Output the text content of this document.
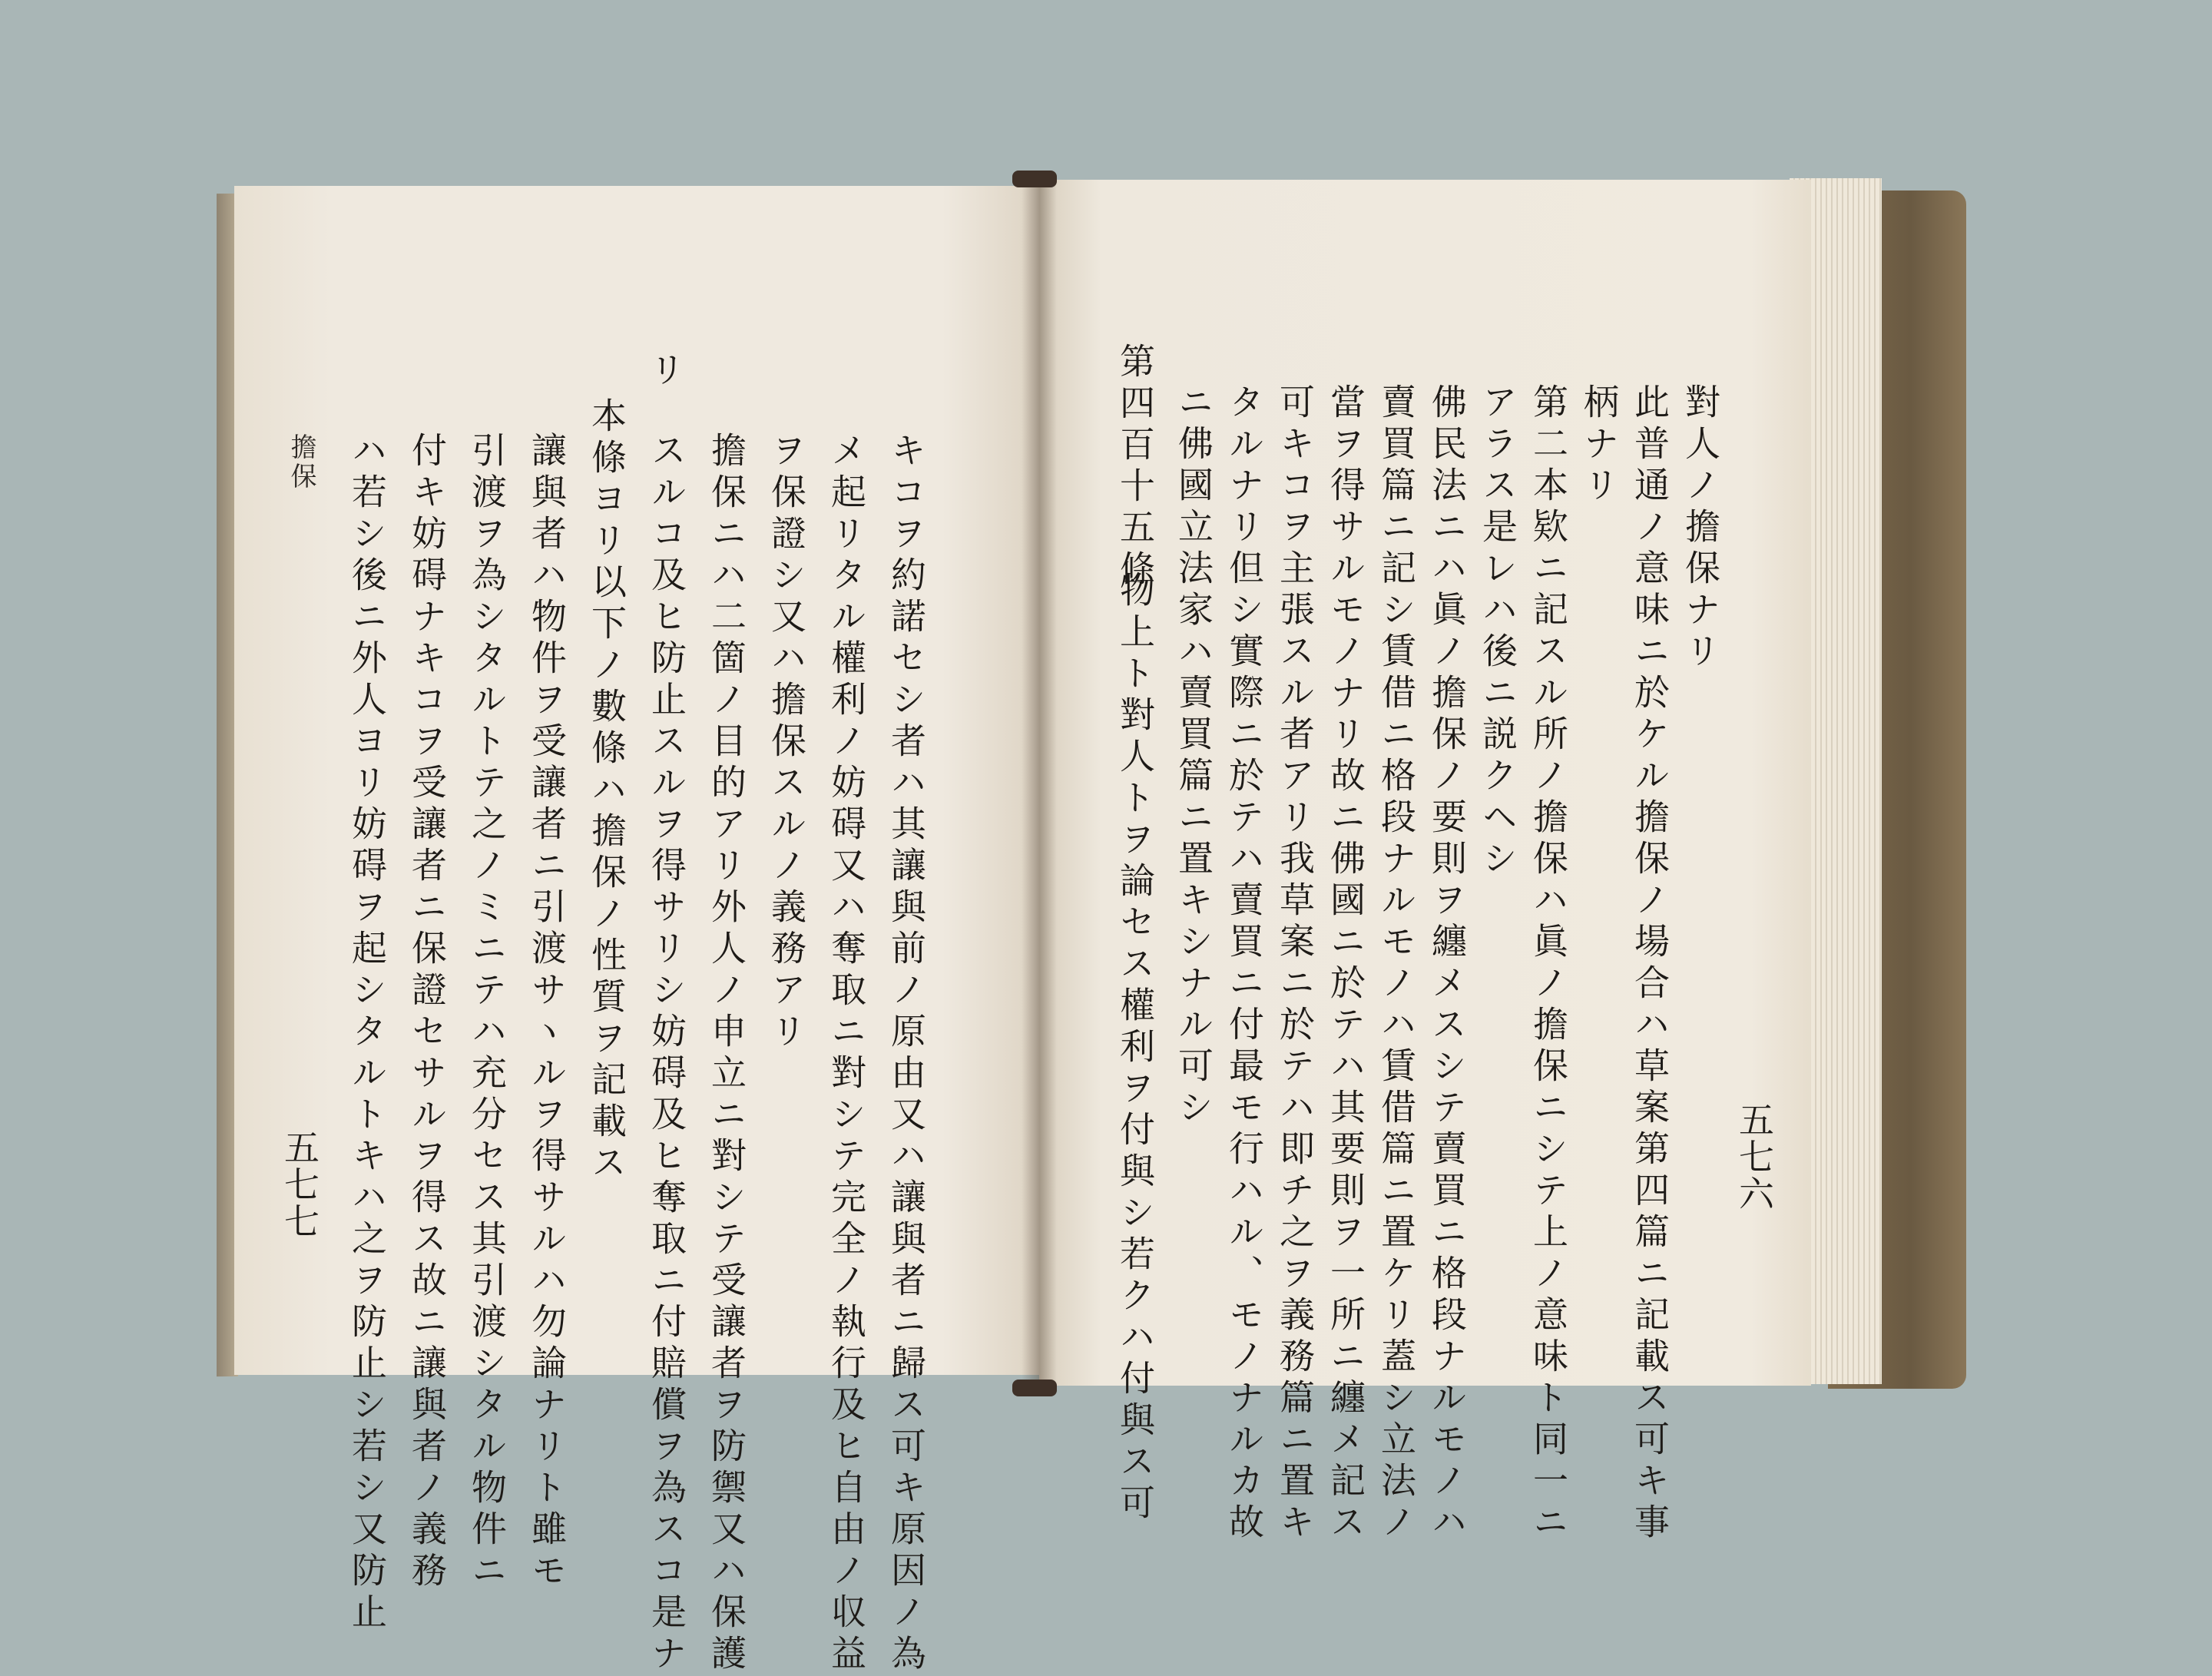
擔保
五七七	キコヲ約諾セシ者ハ其讓與前ノ原由又ハ讓與者ニ歸ス可キ原因ノ為
メ起リタル權利ノ妨碍又ハ奪取ニ對シテ完全ノ執行及ヒ自由ノ収益
ヲ保證シ又ハ擔保スルノ義務アリ
擔保ニハ二箇ノ目的アリ外人ノ申立ニ對シテ受讓者ヲ防禦又ハ保護
スルコ及ヒ防止スルヲ得サリシ妨碍及ヒ奪取ニ付賠償ヲ為スコ是ナ
リ
本條ヨリ以下ノ數條ハ擔保ノ性質ヲ記載ス
讓與者ハ物件ヲ受讓者ニ引渡サヽルヲ得サルハ勿論ナリト雖モ
引渡ヲ為シタルトテ之ノミニテハ充分セス其引渡シタル物件ニ
付キ妨碍ナキコヲ受讓者ニ保證セサルヲ得ス故ニ讓與者ノ義務
ハ若シ後ニ外人ヨリ妨碍ヲ起シタルトキハ之ヲ防止シ若シ又防止	五七六
對人ノ擔保ナリ
此普通ノ意味ニ於ケル擔保ノ場合ハ草案第四篇ニ記載ス可キ事
柄ナリ
第二本欵ニ記スル所ノ擔保ハ眞ノ擔保ニシテ上ノ意味ト同一ニ
アラス是レハ後ニ説クヘシ
佛民法ニハ眞ノ擔保ノ要則ヲ纏メスシテ賣買ニ格段ナルモノハ
賣買篇ニ記シ賃借ニ格段ナルモノハ賃借篇ニ置ケリ蓋シ立法ノ
當ヲ得サルモノナリ故ニ佛國ニ於テハ其要則ヲ一所ニ纏メ記ス
可キコヲ主張スル者アリ我草案ニ於テハ即チ之ヲ義務篇ニ置キ
タルナリ但シ實際ニ於テハ賣買ニ付最モ行ハル、モノナルカ故
ニ佛國立法家ハ賣買篇ニ置キシナル可シ
第四百十五條
物上ト對人トヲ論セス權利ヲ付與シ若クハ付與ス可
